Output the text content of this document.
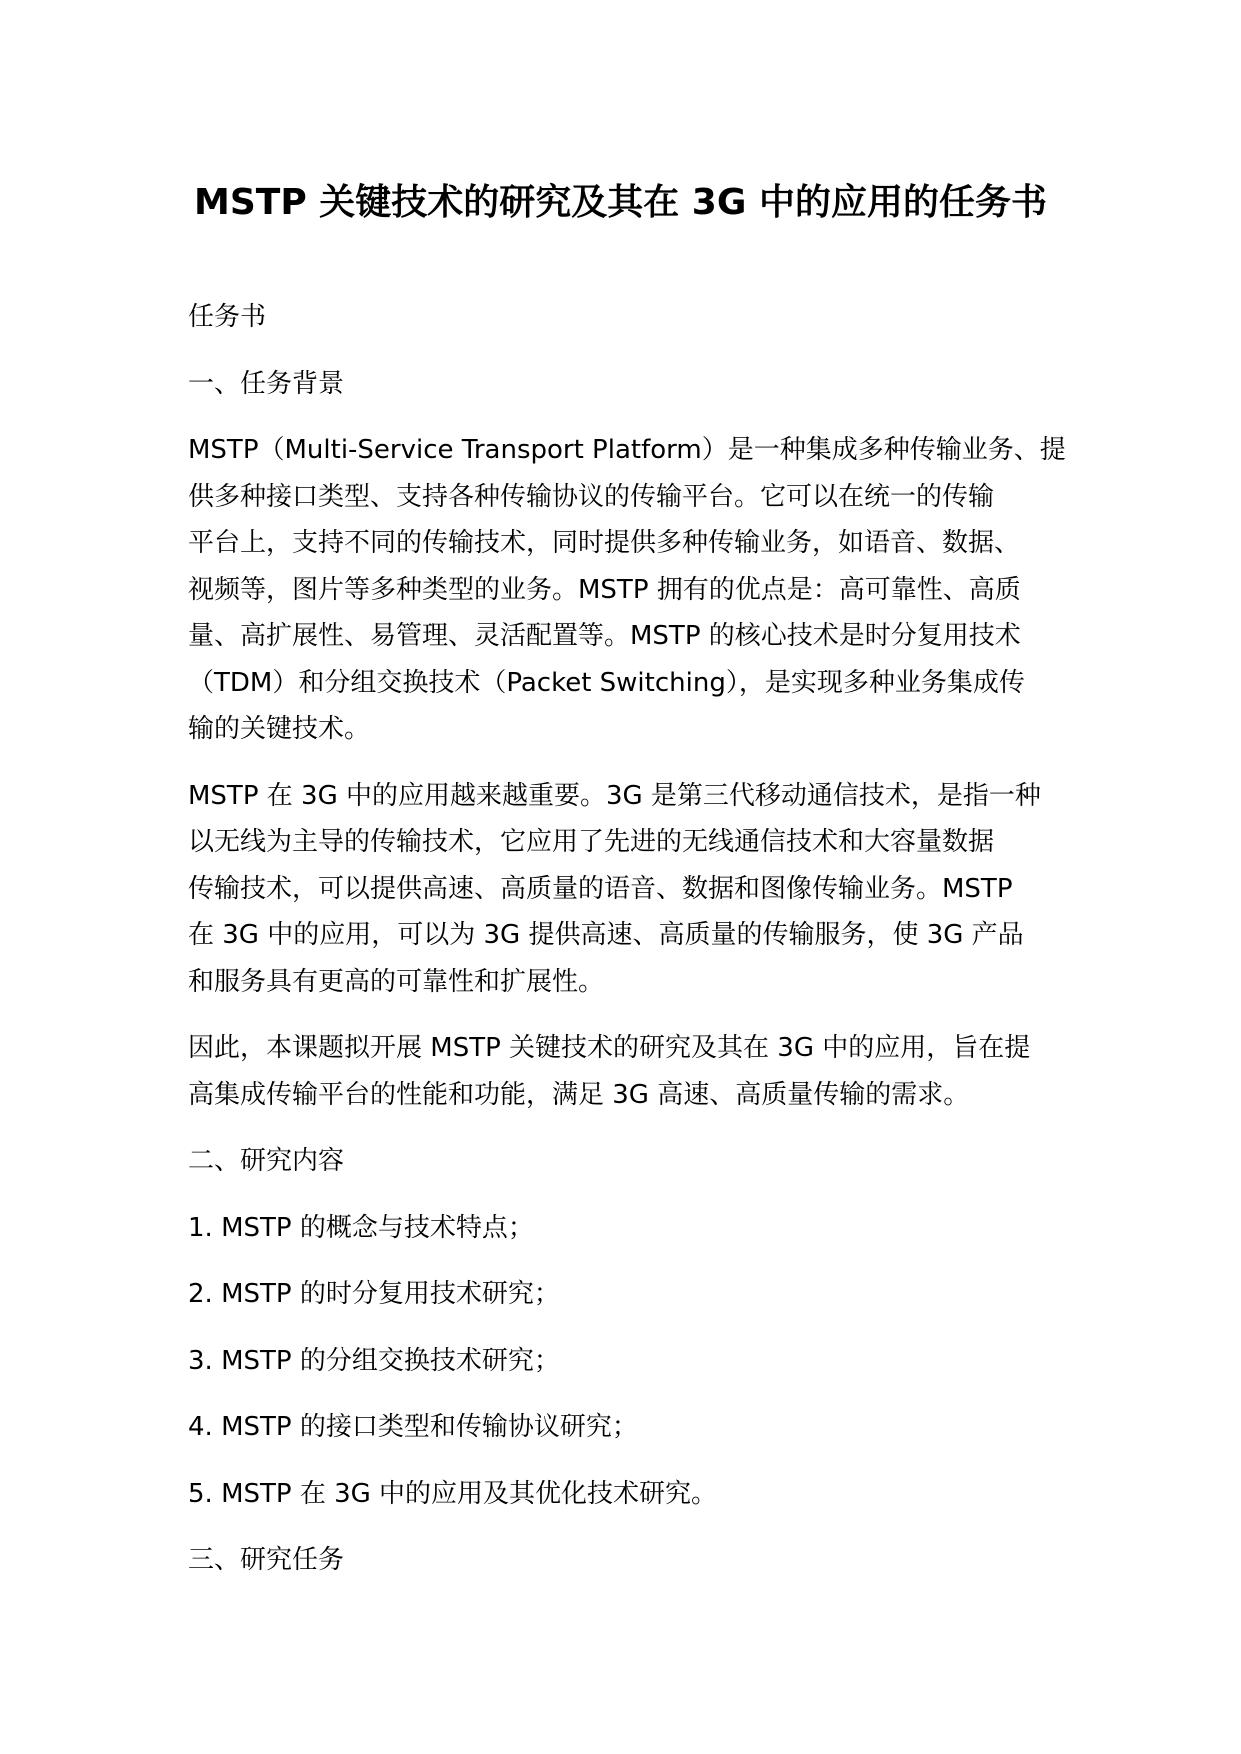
MSTP 关键技术的研究及其在 3G 中的应用的任务书

任务书

一、任务背景

MSTP（Multi-Service Transport Platform）是一种集成多种传输业务、提
供多种接口类型、支持各种传输协议的传输平台。它可以在统一的传输
平台上，支持不同的传输技术，同时提供多种传输业务，如语音、数据、
视频等，图片等多种类型的业务。MSTP 拥有的优点是：高可靠性、高质
量、高扩展性、易管理、灵活配置等。MSTP 的核心技术是时分复用技术
（TDM）和分组交换技术（Packet Switching），是实现多种业务集成传
输的关键技术。
MSTP 在 3G 中的应用越来越重要。3G 是第三代移动通信技术，是指一种
以无线为主导的传输技术，它应用了先进的无线通信技术和大容量数据
传输技术，可以提供高速、高质量的语音、数据和图像传输业务。MSTP
在 3G 中的应用，可以为 3G 提供高速、高质量的传输服务，使 3G 产品
和服务具有更高的可靠性和扩展性。
因此，本课题拟开展 MSTP 关键技术的研究及其在 3G 中的应用，旨在提
高集成传输平台的性能和功能，满足 3G 高速、高质量传输的需求。

二、研究内容

1. MSTP 的概念与技术特点；

2. MSTP 的时分复用技术研究；

3. MSTP 的分组交换技术研究；

4. MSTP 的接口类型和传输协议研究；

5. MSTP 在 3G 中的应用及其优化技术研究。

三、研究任务
